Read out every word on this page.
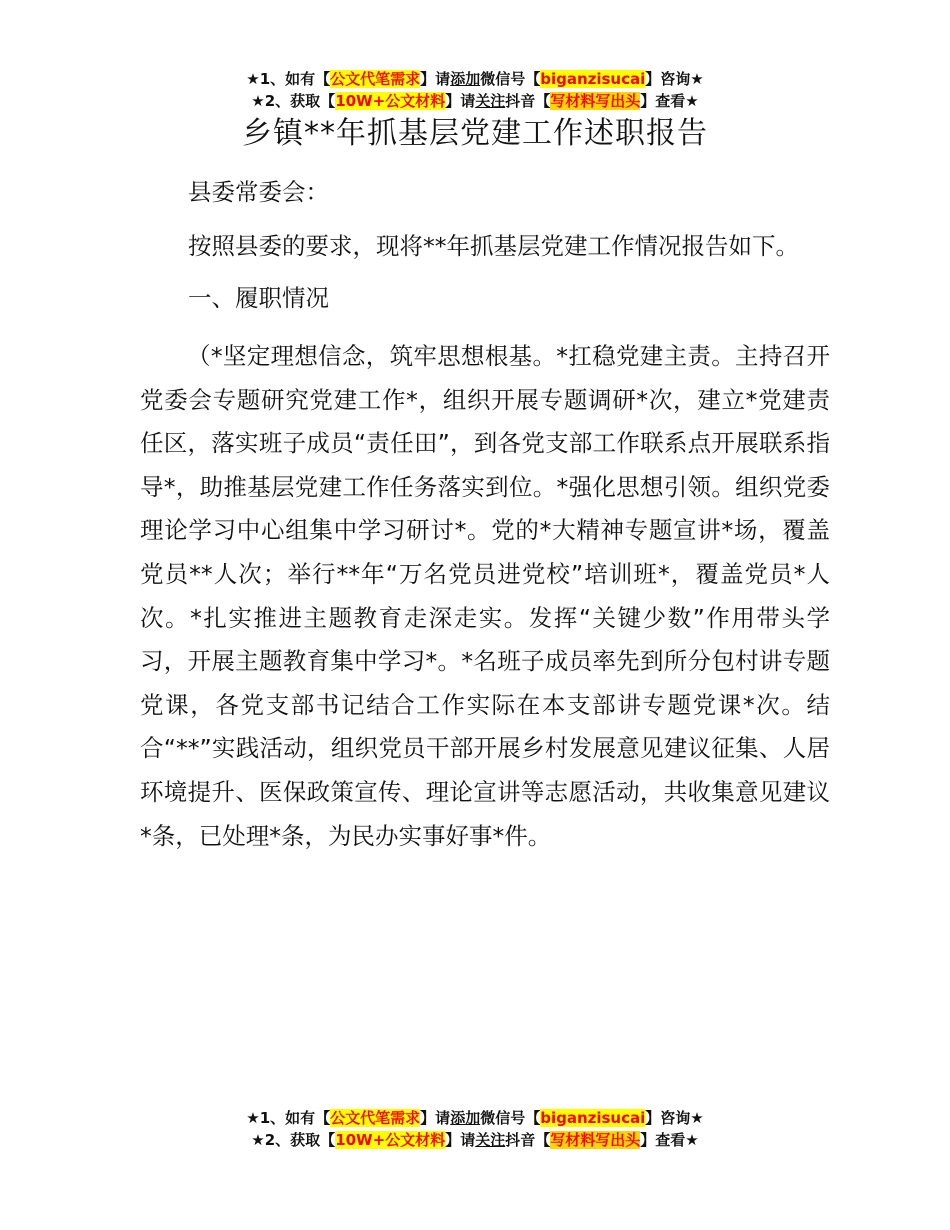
★1、如有【公文代笔需求】请添加微信号【biganzisucai】咨询★
★2、获取【10W+公文材料】请关注抖音【写材料写出头】查看★
乡镇**年抓基层党建工作述职报告
县委常委会：
按照县委的要求，现将**年抓基层党建工作情况报告如下。
一、履职情况
（*坚定理想信念，筑牢思想根基。*扛稳党建主责。主持召开党委会专题研究党建工作*，组织开展专题调研*次，建立*党建责任区，落实班子成员“责任田”，到各党支部工作联系点开展联系指导*，助推基层党建工作任务落实到位。*强化思想引领。组织党委理论学习中心组集中学习研讨*。党的*大精神专题宣讲*场，覆盖党员**人次；举行**年“万名党员进党校”培训班*，覆盖党员*人次。*扎实推进主题教育走深走实。发挥“关键少数”作用带头学习，开展主题教育集中学习*。*名班子成员率先到所分包村讲专题党课，各党支部书记结合工作实际在本支部讲专题党课*次。结合“**”实践活动，组织党员干部开展乡村发展意见建议征集、人居环境提升、医保政策宣传、理论宣讲等志愿活动，共收集意见建议*条，已处理*条，为民办实事好事*件。
★1、如有【公文代笔需求】请添加微信号【biganzisucai】咨询★
★2、获取【10W+公文材料】请关注抖音【写材料写出头】查看★
